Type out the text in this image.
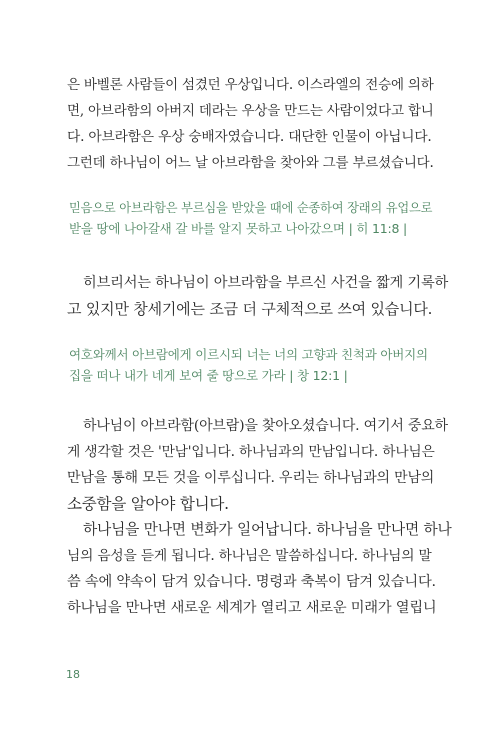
은 바벨론 사람들이 섬겼던 우상입니다. 이스라엘의 전승에 의하
면, 아브라함의 아버지 데라는 우상을 만드는 사람이었다고 합니
다. 아브라함은 우상 숭배자였습니다. 대단한 인물이 아닙니다.
그런데 하나님이 어느 날 아브라함을 찾아와 그를 부르셨습니다.
믿음으로 아브라함은 부르심을 받았을 때에 순종하여 장래의 유업으로
받을 땅에 나아갈새 갈 바를 알지 못하고 나아갔으며 | 히 11:8 |
히브리서는 하나님이 아브라함을 부르신 사건을 짧게 기록하
고 있지만 창세기에는 조금 더 구체적으로 쓰여 있습니다.
여호와께서 아브람에게 이르시되 너는 너의 고향과 친척과 아버지의
집을 떠나 내가 네게 보여 줄 땅으로 가라 | 창 12:1 |
하나님이 아브라함(아브람)을 찾아오셨습니다. 여기서 중요하
게 생각할 것은 '만남'입니다. 하나님과의 만남입니다. 하나님은
만남을 통해 모든 것을 이루십니다. 우리는 하나님과의 만남의
소중함을 알아야 합니다.
하나님을 만나면 변화가 일어납니다. 하나님을 만나면 하나
님의 음성을 듣게 됩니다. 하나님은 말씀하십니다. 하나님의 말
씀 속에 약속이 담겨 있습니다. 명령과 축복이 담겨 있습니다.
하나님을 만나면 새로운 세계가 열리고 새로운 미래가 열립니
18
